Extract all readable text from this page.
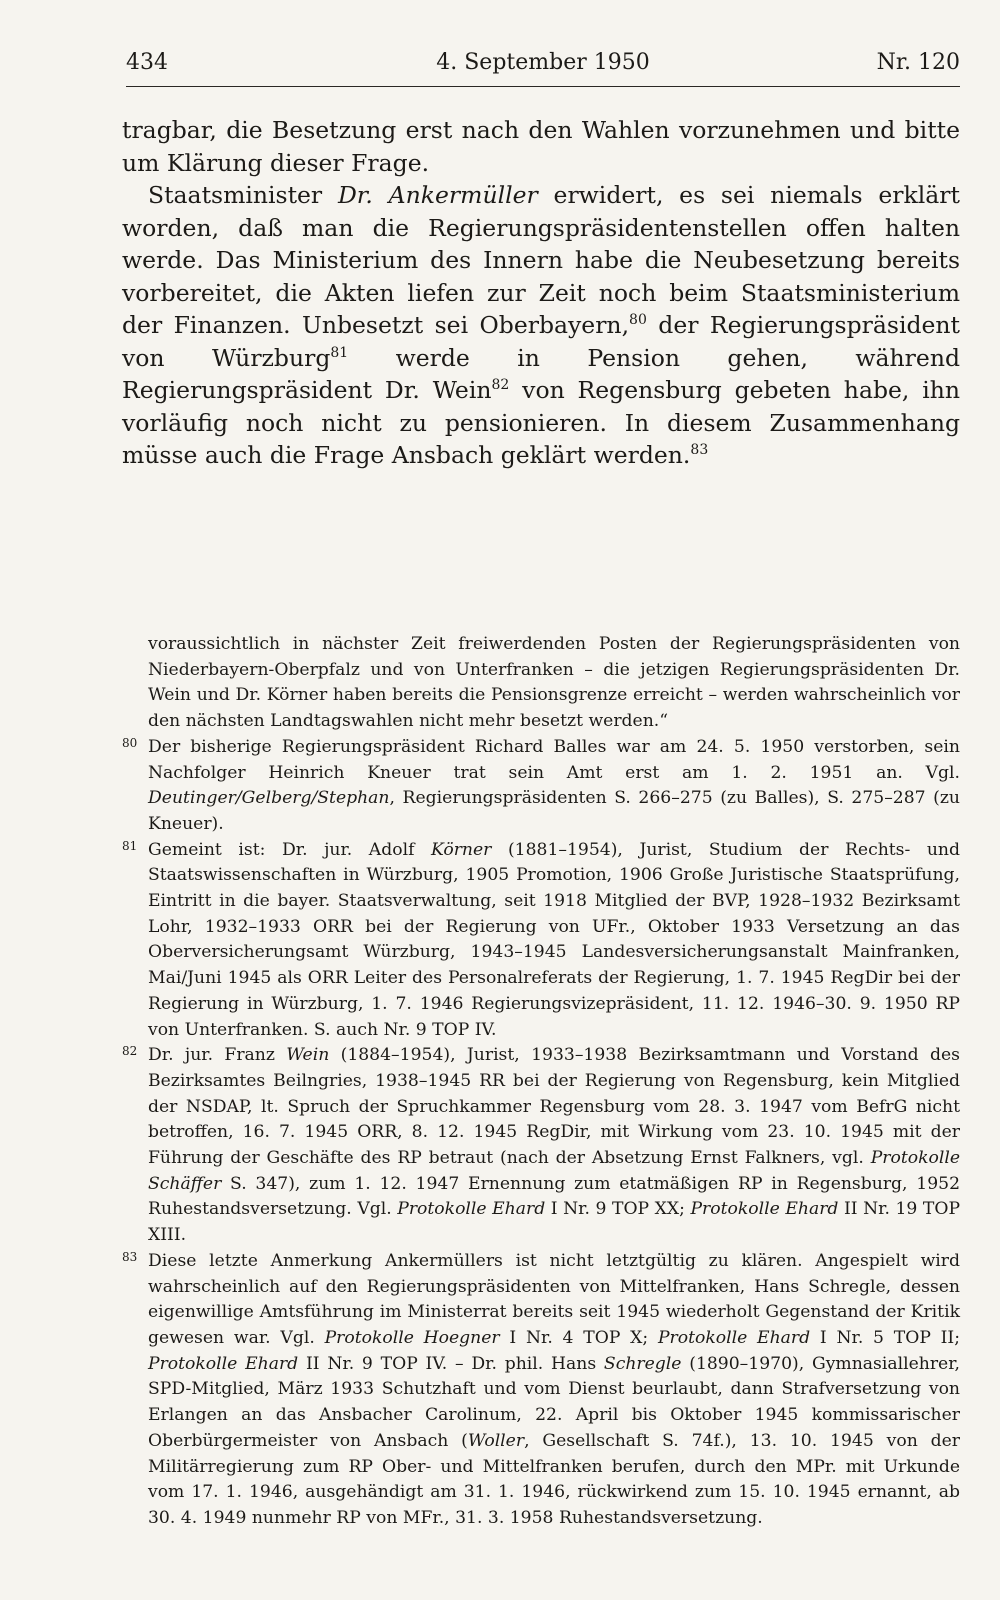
434	4. September 1950	Nr. 120

tragbar, die Besetzung erst nach den Wahlen vorzunehmen und bitte um Klärung dieser Frage.

Staatsminister Dr. Ankermüller erwidert, es sei niemals erklärt worden, daß man die Regierungspräsidentenstellen offen halten werde. Das Ministerium des Innern habe die Neubesetzung bereits vorbereitet, die Akten liefen zur Zeit noch beim Staatsministerium der Finanzen. Unbesetzt sei Oberbayern,$^{80}$ der Regierungspräsident von Würzburg$^{81}$ werde in Pension gehen, während Regierungspräsident Dr. Wein$^{82}$ von Regensburg gebeten habe, ihn vorläufig noch nicht zu pensionieren. In diesem Zusammenhang müsse auch die Frage Ansbach geklärt werden.$^{83}$

voraussichtlich in nächster Zeit freiwerdenden Posten der Regierungspräsidenten von Niederbayern-Oberpfalz und von Unterfranken – die jetzigen Regierungspräsidenten Dr. Wein und Dr. Körner haben bereits die Pensionsgrenze erreicht – werden wahrscheinlich vor den nächsten Landtagswahlen nicht mehr besetzt werden.“

80 Der bisherige Regierungspräsident Richard Balles war am 24. 5. 1950 verstorben, sein Nachfolger Heinrich Kneuer trat sein Amt erst am 1. 2. 1951 an. Vgl. Deutinger/Gelberg/Stephan, Regierungspräsidenten S. 266–275 (zu Balles), S. 275–287 (zu Kneuer).

81 Gemeint ist: Dr. jur. Adolf Körner (1881–1954), Jurist, Studium der Rechts- und Staatswissenschaften in Würzburg, 1905 Promotion, 1906 Große Juristische Staatsprüfung, Eintritt in die bayer. Staatsverwaltung, seit 1918 Mitglied der BVP, 1928–1932 Bezirksamt Lohr, 1932–1933 ORR bei der Regierung von UFr., Oktober 1933 Versetzung an das Oberversicherungsamt Würzburg, 1943–1945 Landesversicherungsanstalt Mainfranken, Mai/Juni 1945 als ORR Leiter des Personalreferats der Regierung, 1. 7. 1945 RegDir bei der Regierung in Würzburg, 1. 7. 1946 Regierungsvizepräsident, 11. 12. 1946–30. 9. 1950 RP von Unterfranken. S. auch Nr. 9 TOP IV.

82 Dr. jur. Franz Wein (1884–1954), Jurist, 1933–1938 Bezirksamtmann und Vorstand des Bezirksamtes Beilngries, 1938–1945 RR bei der Regierung von Regensburg, kein Mitglied der NSDAP, lt. Spruch der Spruchkammer Regensburg vom 28. 3. 1947 vom BefrG nicht betroffen, 16. 7. 1945 ORR, 8. 12. 1945 RegDir, mit Wirkung vom 23. 10. 1945 mit der Führung der Geschäfte des RP betraut (nach der Absetzung Ernst Falkners, vgl. Protokolle Schäffer S. 347), zum 1. 12. 1947 Ernennung zum etatmäßigen RP in Regensburg, 1952 Ruhestandsversetzung. Vgl. Protokolle Ehard I Nr. 9 TOP XX; Protokolle Ehard II Nr. 19 TOP XIII.

83 Diese letzte Anmerkung Ankermüllers ist nicht letztgültig zu klären. Angespielt wird wahrscheinlich auf den Regierungspräsidenten von Mittelfranken, Hans Schregle, dessen eigenwillige Amtsführung im Ministerrat bereits seit 1945 wiederholt Gegenstand der Kritik gewesen war. Vgl. Protokolle Hoegner I Nr. 4 TOP X; Protokolle Ehard I Nr. 5 TOP II; Protokolle Ehard II Nr. 9 TOP IV. – Dr. phil. Hans Schregle (1890–1970), Gymnasiallehrer, SPD-Mitglied, März 1933 Schutzhaft und vom Dienst beurlaubt, dann Strafversetzung von Erlangen an das Ansbacher Carolinum, 22. April bis Oktober 1945 kommissarischer Oberbürgermeister von Ansbach (Woller, Gesellschaft S. 74f.), 13. 10. 1945 von der Militärregierung zum RP Ober- und Mittelfranken berufen, durch den MPr. mit Urkunde vom 17. 1. 1946, ausgehändigt am 31. 1. 1946, rückwirkend zum 15. 10. 1945 ernannt, ab 30. 4. 1949 nunmehr RP von MFr., 31. 3. 1958 Ruhestandsversetzung.
